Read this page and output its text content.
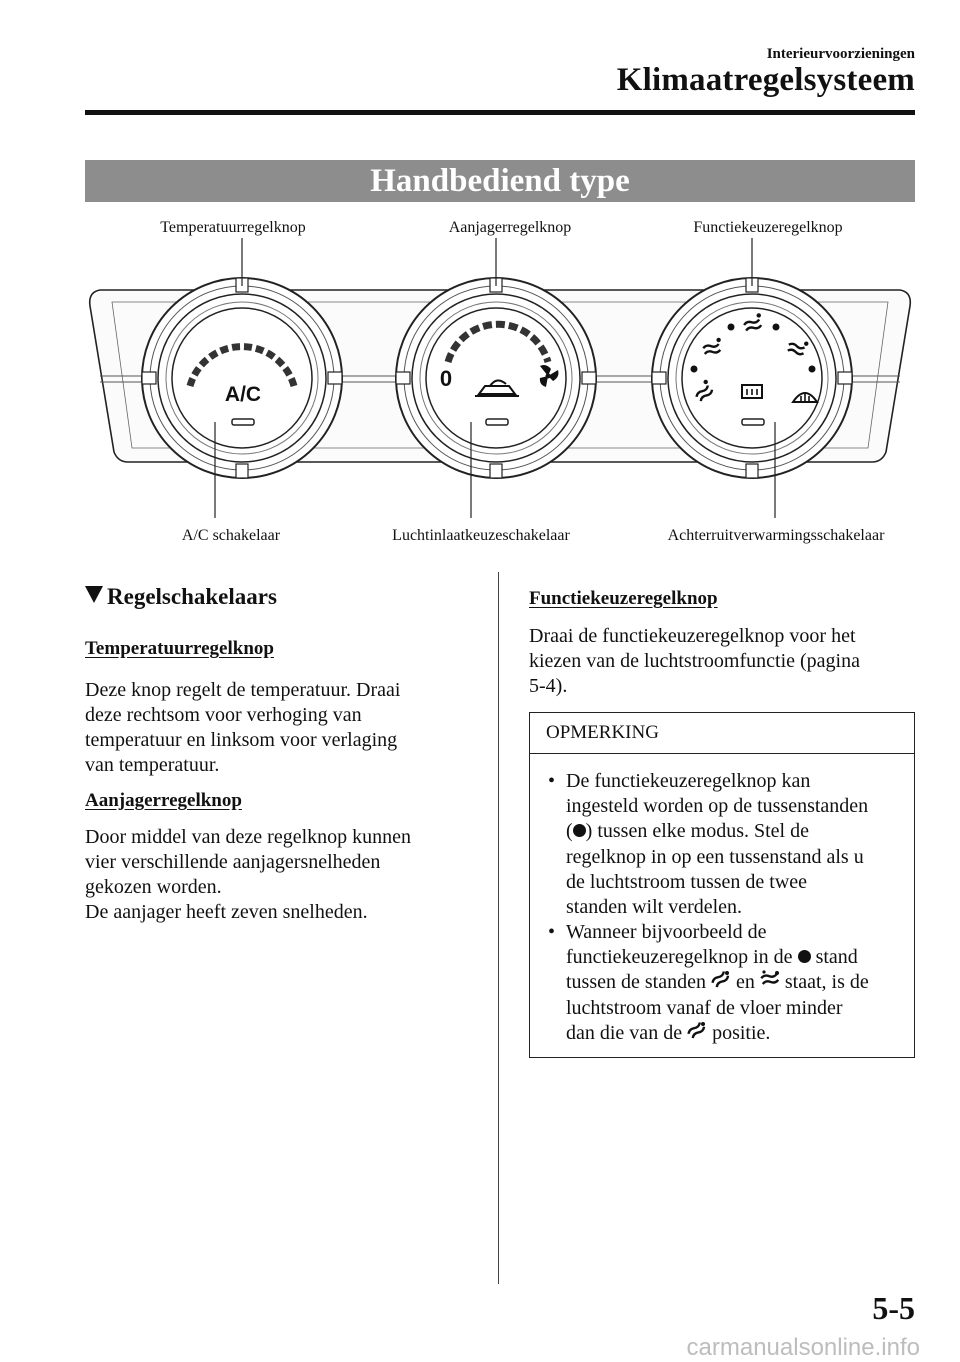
Interieurvoorzieningen
Klimaatregelsysteem
Handbediend type
Temperatuurregelknop	Aanjagerregelknop	Functiekeuzeregelknop
A/C schakelaar	Luchtinlaatkeuzeschakelaar	Achterruitverwarmingsschakelaar
A/C
0
Regelschakelaars
Temperatuurregelknop
Deze knop regelt de temperatuur. Draai
deze rechtsom voor verhoging van
temperatuur en linksom voor verlaging
van temperatuur.
Aanjagerregelknop
Door middel van deze regelknop kunnen
vier verschillende aanjagersnelheden
gekozen worden.
De aanjager heeft zeven snelheden.
Functiekeuzeregelknop
Draai de functiekeuzeregelknop voor het
kiezen van de luchtstroomfunctie (pagina
5-4).
OPMERKING
• De functiekeuzeregelknop kan
ingesteld worden op de tussenstanden
( ) tussen elke modus. Stel de
regelknop in op een tussenstand als u
de luchtstroom tussen de twee
standen wilt verdelen.
• Wanneer bijvoorbeeld de
functiekeuzeregelknop in de stand
tussen de standen en staat, is de
luchtstroom vanaf de vloer minder
dan die van de positie.
5-5
carmanualsonline.info
